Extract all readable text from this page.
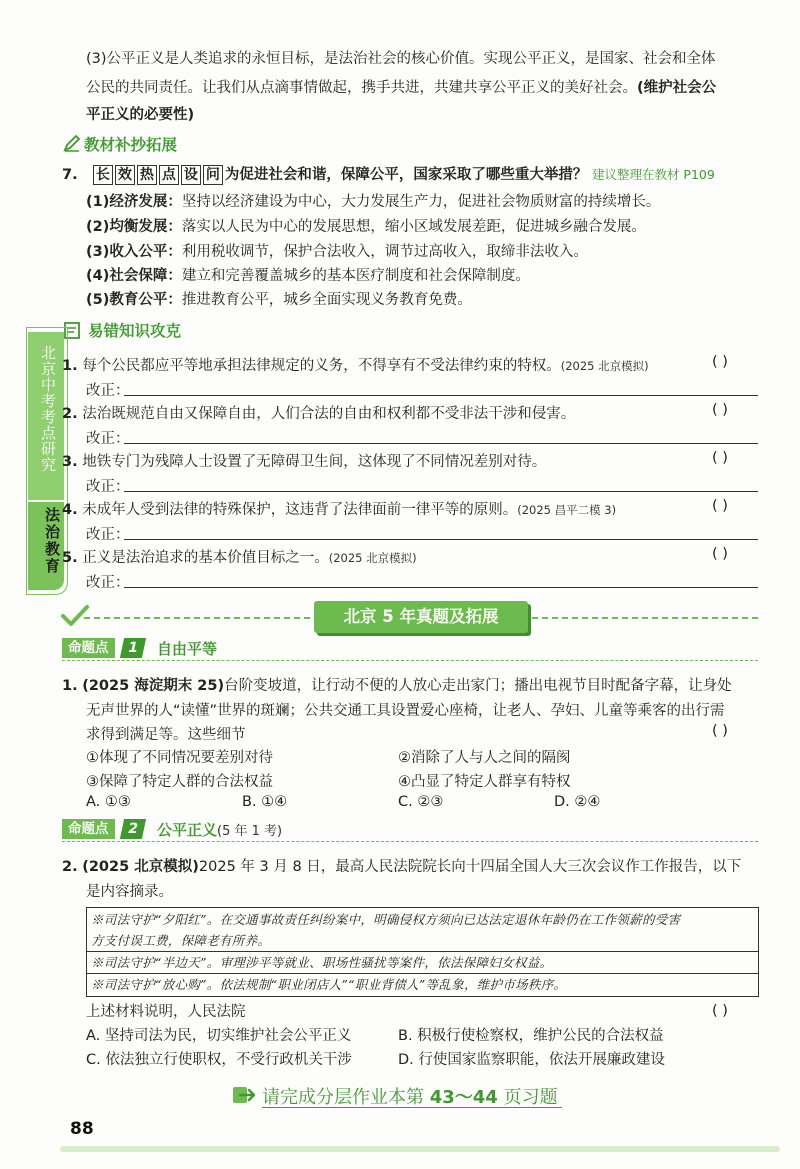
(3)公平正义是人类追求的永恒目标，是法治社会的核心价值。实现公平正义，是国家、社会和全体
公民的共同责任。让我们从点滴事情做起，携手共进，共建共享公平正义的美好社会。(维护社会公
平正义的必要性)
教材补抄拓展
7. 长 效 热 点 设 问 为促进社会和谐，保障公平，国家采取了哪些重大举措？ 建议整理在教材 P109
(1)经济发展：坚持以经济建设为中心，大力发展生产力，促进社会物质财富的持续增长。
(2)均衡发展：落实以人民为中心的发展思想，缩小区域发展差距，促进城乡融合发展。
(3)收入公平：利用税收调节，保护合法收入，调节过高收入，取缔非法收入。
(4)社会保障：建立和完善覆盖城乡的基本医疗制度和社会保障制度。
(5)教育公平：推进教育公平，城乡全面实现义务教育免费。
易错知识攻克
北京中考考点研究
法治教育
1. 每个公民都应平等地承担法律规定的义务，不得享有不受法律约束的特权。(2025 北京模拟)	( )
改正：
2. 法治既规范自由又保障自由，人们合法的自由和权利都不受非法干涉和侵害。	( )
改正：
3. 地铁专门为残障人士设置了无障碍卫生间，这体现了不同情况差别对待。	( )
改正：
4. 未成年人受到法律的特殊保护，这违背了法律面前一律平等的原则。(2025 昌平二模 3)	( )
改正：
5. 正义是法治追求的基本价值目标之一。(2025 北京模拟)	( )
改正：
北京 5 年真题及拓展
命题点	1	自由平等
1. (2025 海淀期末 25)台阶变坡道，让行动不便的人放心走出家门；播出电视节目时配备字幕，让身处
无声世界的人“读懂”世界的斑斓；公共交通工具设置爱心座椅，让老人、孕妇、儿童等乘客的出行需
求得到满足等。这些细节	( )
①体现了不同情况要差别对待	②消除了人与人之间的隔阂
③保障了特定人群的合法权益	④凸显了特定人群享有特权
A. ①③	B. ①④	C. ②③	D. ②④
命题点	2	公平正义(5 年 1 考)
2. (2025 北京模拟)2025 年 3 月 8 日，最高人民法院院长向十四届全国人大三次会议作工作报告，以下
是内容摘录。
※司法守护“夕阳红”。在交通事故责任纠纷案中，明确侵权方须向已达法定退休年龄仍在工作领薪的受害
方支付误工费，保障老有所养。
※司法守护“半边天”。审理涉平等就业、职场性骚扰等案件，依法保障妇女权益。
※司法守护“放心购”。依法规制“职业闭店人”“职业背债人”等乱象，维护市场秩序。
上述材料说明，人民法院	( )
A. 坚持司法为民，切实维护社会公平正义	B. 积极行使检察权，维护公民的合法权益
C. 依法独立行使职权，不受行政机关干涉	D. 行使国家监察职能，依法开展廉政建设
请完成分层作业本第 43～44 页习题
88
